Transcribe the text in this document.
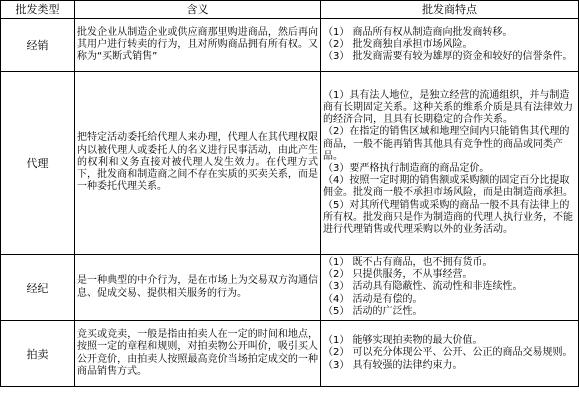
批发类型	含义	批发商特点
经销	批发企业从制造企业或供应商那里购进商品，然后再向其用户进行转卖的行为，且对所购商品拥有所有权。又称为“买断式销售”	（1） 商品所有权从制造商向批发商转移。
（2） 批发商独自承担市场风险。
（3） 批发商需要有较为雄厚的资金和较好的信誉条件。

代理	把特定活动委托给代理人来办理，代理人在其代理权限内以被代理人或委托人的名义进行民事活动，由此产生的权利和义务直接对被代理人发生效力。在代理方式下，批发商和制造商之间不存在实质的买卖关系，而是一种委托代理关系。	（1）具有法人地位，是独立经营的流通组织，并与制造商有长期固定关系。这种关系的维系介质是具有法律效力的经济合同，且具有长期稳定的合作关系。
（2）在指定的销售区域和地理空间内只能销售其代理的商品，一般不能再销售其他具有竞争性的商品或同类产品。
（3）要严格执行制造商的商品定价。
（4）按照一定时期的销售额或采购额的固定百分比提取佣金。批发商一般不承担市场风险，而是由制造商承担。
（5）对其所代理销售或采购的商品一般不具有法律上的所有权。批发商只是作为制造商的代理人执行业务，不能进行代理销售或代理采购以外的业务活动。

经纪	是一种典型的中介行为，是在市场上为交易双方沟通信息、促成交易、提供相关服务的行为。	（1） 既不占有商品，也不拥有货币。
（2） 只提供服务，不从事经营。
（3） 活动具有隐蔽性、流动性和非连续性。
（4） 活动是有偿的。
（5） 活动的广泛性。

拍卖	竞买或竞卖，一般是指由拍卖人在一定的时间和地点，按照一定的章程和规则，对拍卖物公开叫价，吸引买人公开竞价，由拍卖人按照最高竞价当场拍定成交的一种商品销售方式。	（1） 能够实现拍卖物的最大价值。
（2） 可以充分体现公平、公开、公正的商品交易规则。
（3） 具有较强的法律约束力。
